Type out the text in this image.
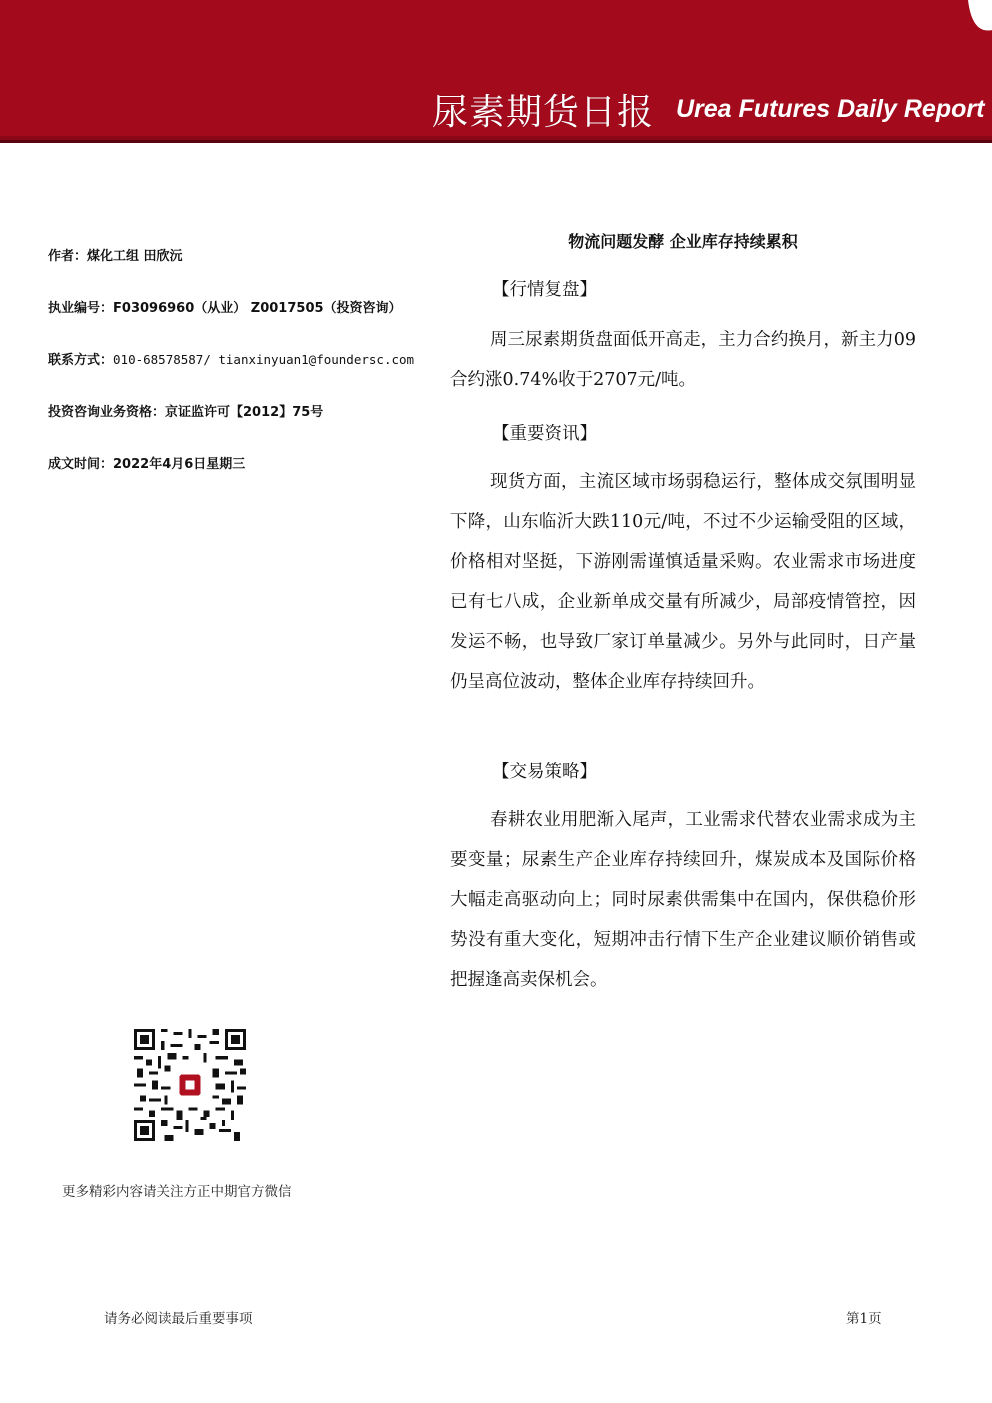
尿素期货日报 Urea Futures Daily Report
作者：煤化工组 田欣沅
执业编号：F03096960（从业） Z0017505（投资咨询）
联系方式：010-68578587/ tianxinyuan1@foundersc.com
投资咨询业务资格：京证监许可【2012】75号
成文时间：2022年4月6日星期三
物流问题发酵 企业库存持续累积
【行情复盘】

周三尿素期货盘面低开高走，主力合约换月，新主力09合约涨0.74%收于2707元/吨。

【重要资讯】

现货方面，主流区域市场弱稳运行，整体成交氛围明显下降，山东临沂大跌110元/吨，不过不少运输受阻的区域，价格相对坚挺，下游刚需谨慎适量采购。农业需求市场进度已有七八成，企业新单成交量有所减少，局部疫情管控，因发运不畅，也导致厂家订单量减少。另外与此同时，日产量仍呈高位波动，整体企业库存持续回升。

【交易策略】

春耕农业用肥渐入尾声，工业需求代替农业需求成为主要变量；尿素生产企业库存持续回升，煤炭成本及国际价格大幅走高驱动向上；同时尿素供需集中在国内，保供稳价形势没有重大变化，短期冲击行情下生产企业建议顺价销售或把握逢高卖保机会。

更多精彩内容请关注方正中期官方微信
请务必阅读最后重要事项	第1页
